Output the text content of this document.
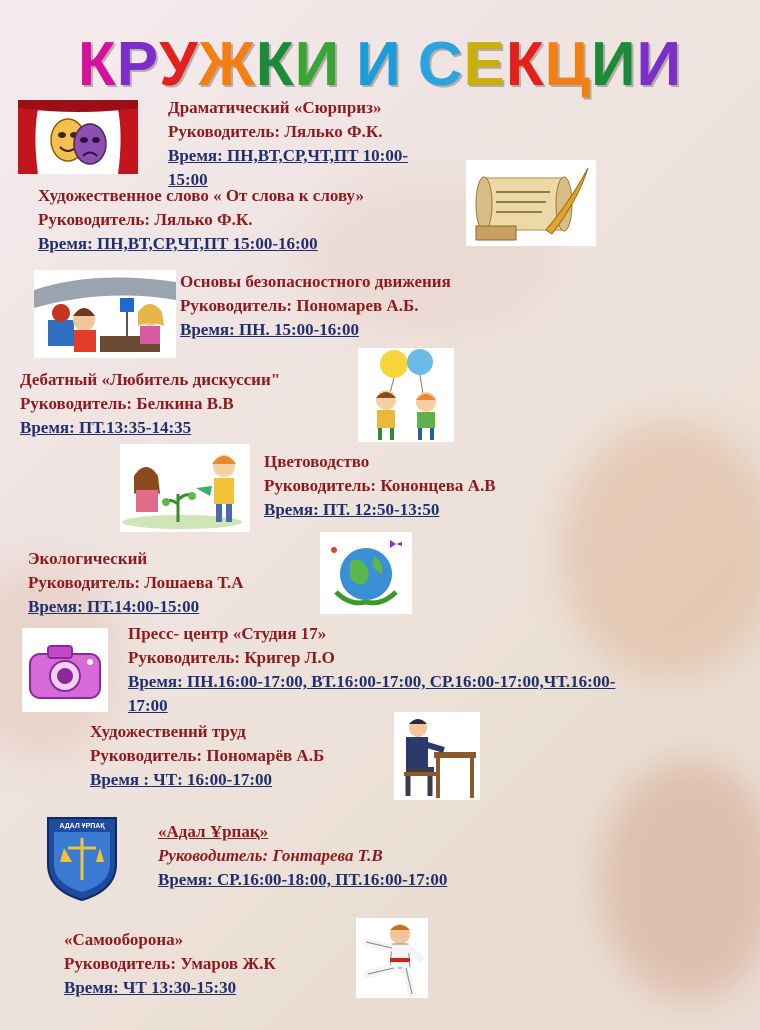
КРУЖКИ И СЕКЦИИ
Драматический «Сюрприз»
Руководитель: Лялько Ф.К.
Время: ПН,ВТ,СР,ЧТ,ПТ 10:00-
15:00
Художественное слово « От слова к слову»
Руководитель: Лялько Ф.К.
Время: ПН,ВТ,СР,ЧТ,ПТ 15:00-16:00
Основы безопасностного движения
Руководитель: Пономарев А.Б.
Время: ПН. 15:00-16:00
Дебатный «Любитель дискуссии"
Руководитель: Белкина В.В
Время: ПТ.13:35-14:35
Цветоводство
Руководитель: Кононцева А.В
Время: ПТ. 12:50-13:50
Экологический
Руководитель: Лошаева Т.А
Время: ПТ.14:00-15:00
Пресс- центр «Студия 17»
Руководитель: Кригер Л.О
Время: ПН.16:00-17:00, ВТ.16:00-17:00, СР.16:00-17:00,ЧТ.16:00-
17:00
Художественнй труд
Руководитель: Пономарёв А.Б
Время : ЧТ: 16:00-17:00
АДАЛ ҰРПАҚ	«Адал Ұрпақ»
Руководитель: Гонтарева Т.В
Время: СР.16:00-18:00, ПТ.16:00-17:00
«Самооборона»
Руководитель: Умаров Ж.К
Время: ЧТ 13:30-15:30
